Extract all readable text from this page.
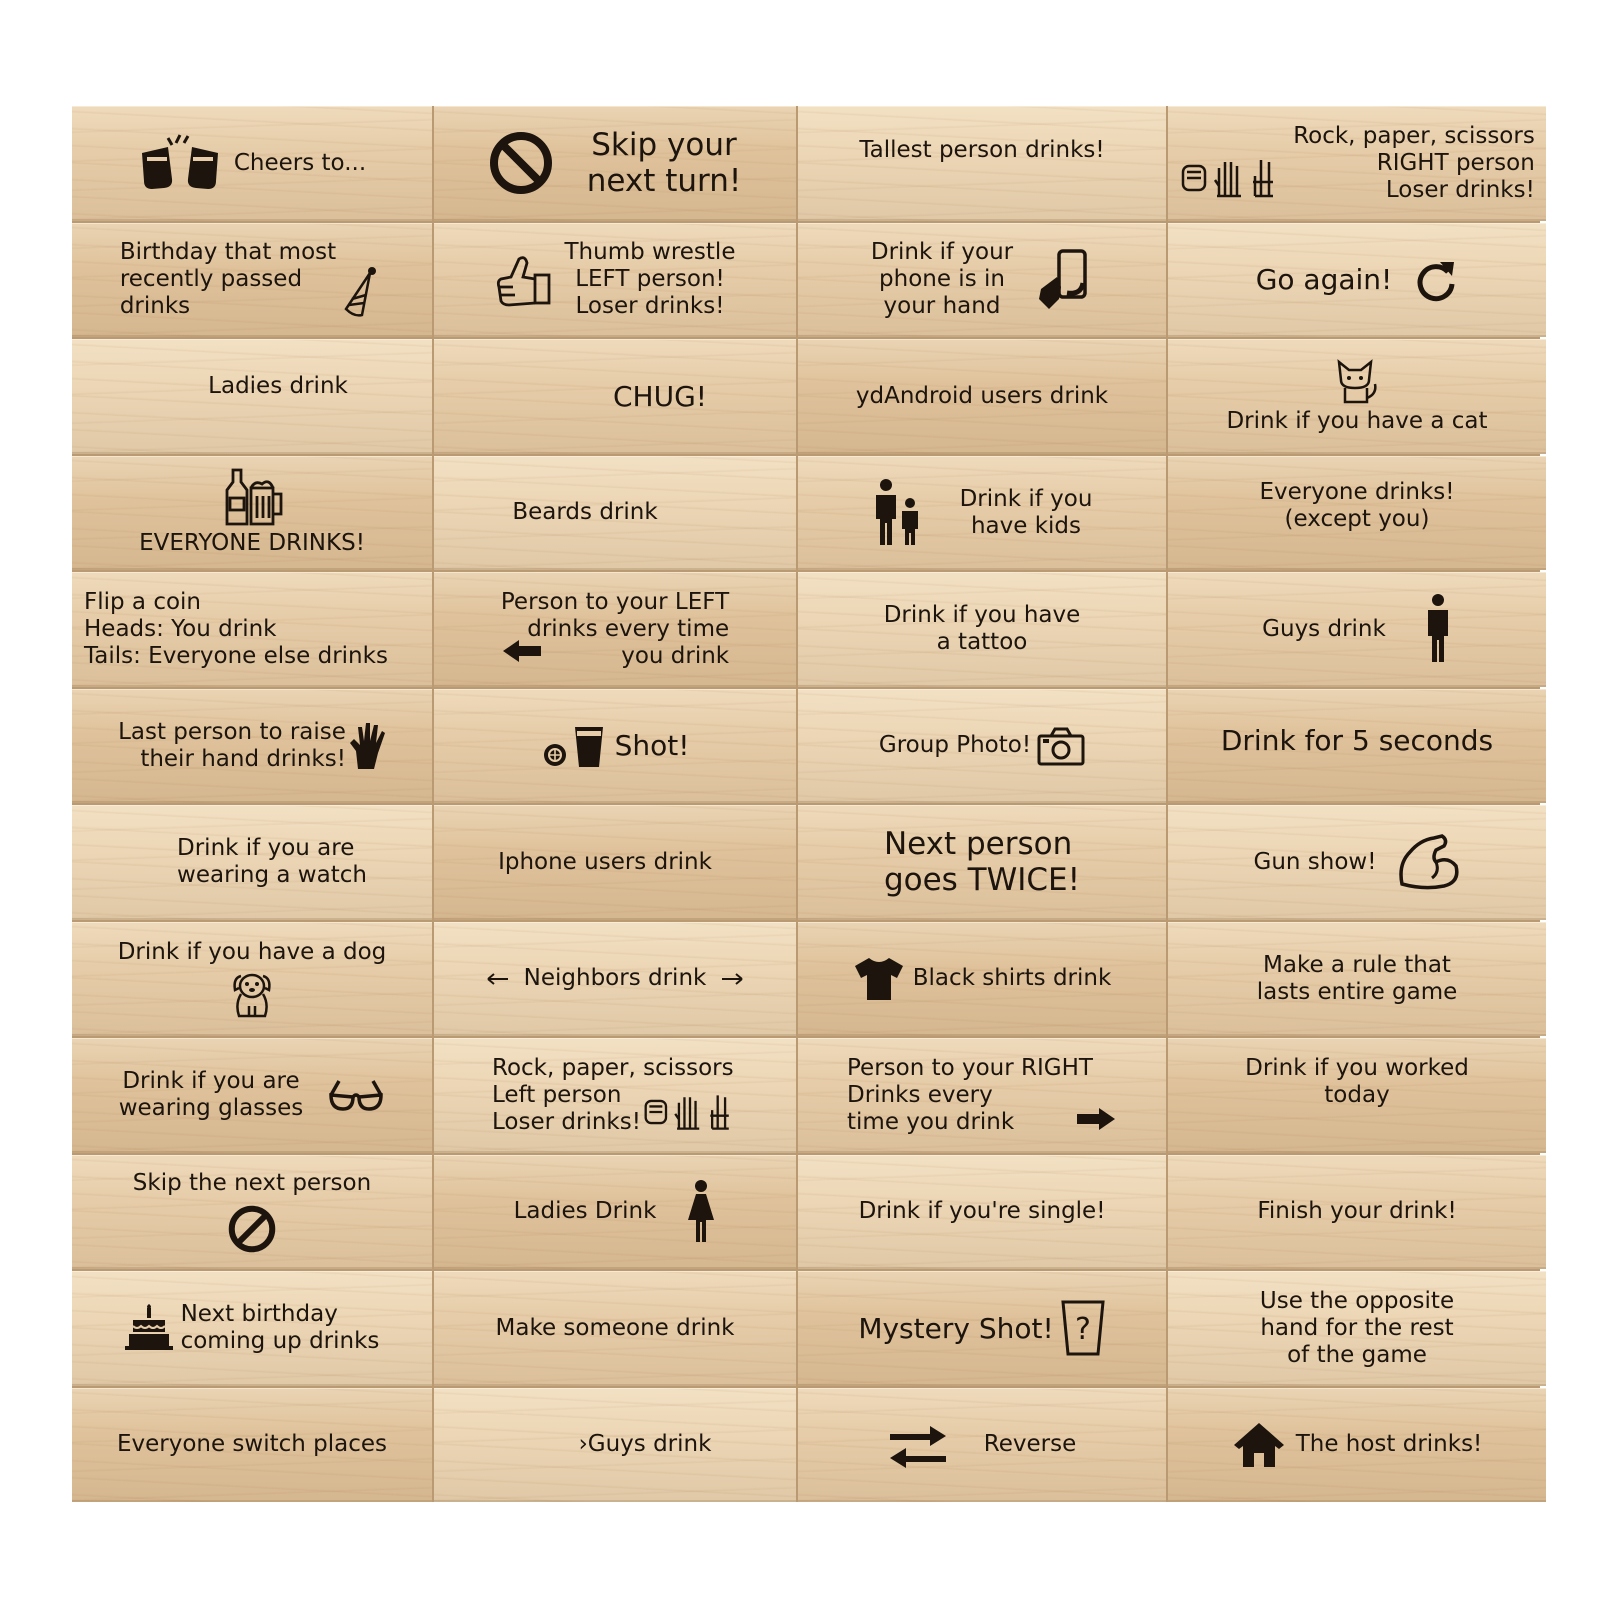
Cheers to...
Skip your
next turn!
Tallest person drinks!
Rock, paper, scissors
RIGHT person
Loser drinks!
Birthday that most
recently passed
drinks
Thumb wrestle
LEFT person!
Loser drinks!
Drink if your
phone is in
your hand
Go again!
Ladies drink	CHUG!	ydAndroid users drink
Drink if you have a cat
EVERYONE DRINKS!
Beards drink
Drink if you
have kids
Everyone drinks!
(except you)
Flip a coin
Heads: You drink
Tails: Everyone else drinks
Person to your LEFT
drinks every time
you drink
Drink if you have
a tattoo
Guys drink
Last person to raise
their hand drinks!	Shot!	Group Photo!	Drink for 5 seconds
Drink if you are
wearing a watch
Iphone users drink
Next person
goes TWICE!
Gun show!
Drink if you have a dog
Neighbors drink	Black shirts drink
Make a rule that
lasts entire game
Drink if you are
wearing glasses
Rock, paper, scissors
Left person
Loser drinks!
Person to your RIGHT
Drinks every
time you drink
Drink if you worked
today
Skip the next person
Ladies Drink	Drink if you're single!	Finish your drink!
Next birthday
coming up drinks
Make someone drink	Mystery Shot! ?
Use the opposite
hand for the rest
of the game
Everyone switch places	›Guys drink	Reverse	The host drinks!
